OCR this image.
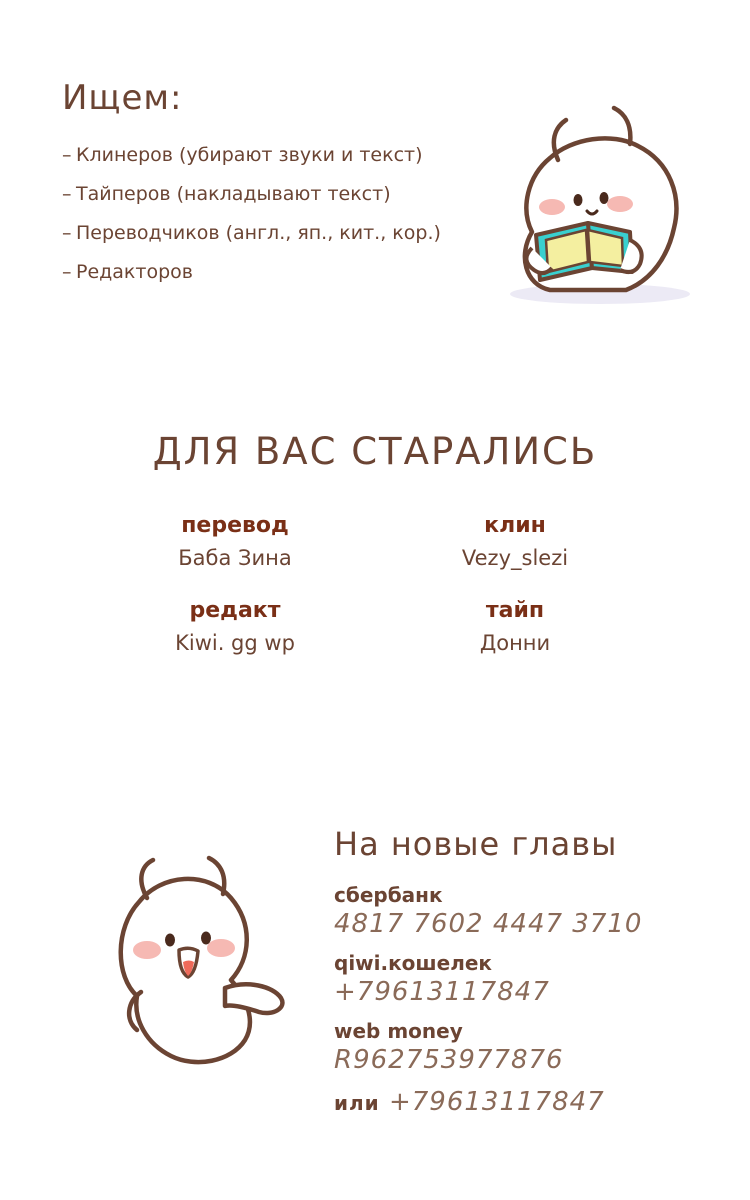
Ищем:
– Клинеров (убирают звуки и текст)
– Тайперов (накладывают текст)
– Переводчиков (англ., яп., кит., кор.)
– Редакторов
ДЛЯ ВАС СТАРАЛИСЬ
перевод
Баба Зина
клин
Vezy_slezi
редакт
Kiwi. gg wp
тайп
Донни
На новые главы
сбербанк
4817 7602 4447 3710
qiwi.кошелек
+79613117847
web money
R962753977876
или +79613117847
